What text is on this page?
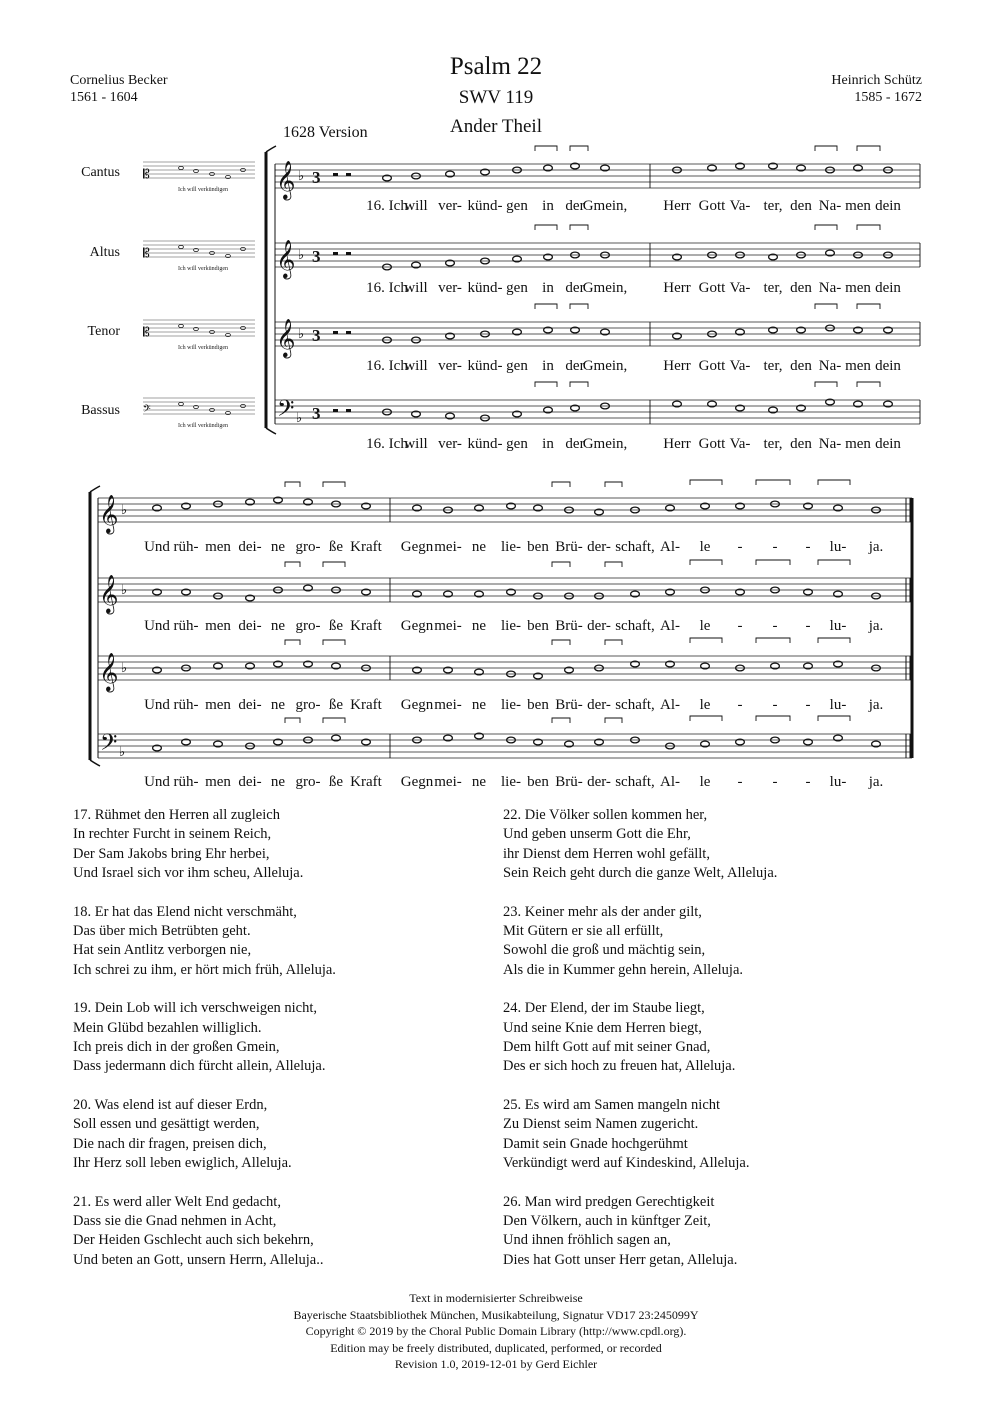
Psalm 22
SWV 119
Ander Theil
1628 Version
Cornelius Becker
1561 - 1604
Heinrich Schütz
1585 - 1672
Cantus 𝄡
Ich will verkündigen
Altus 𝄡
Ich will verkündigen
Tenor 𝄡
Ich will verkündigen
Bassus 𝄢
Ich will verkündigen
𝄞 ♭ 3
𝄞 ♭ 3
𝄞 ♭ 3
𝄢 ♭ 3
16. Ich
will ver- künd- gen in der
Gmein, Herr Gott Va- ter, den Na- men dein
16. Ich
will ver- künd- gen in der
Gmein, Herr Gott Va- ter, den Na- men dein
16. Ich
will ver- künd- gen in der
Gmein, Herr Gott Va- ter, den Na- men dein
16. Ich
will ver- künd- gen in der
Gmein, Herr Gott Va- ter, den Na- men dein
𝄞 ♭
𝄞 ♭
𝄞 ♭
𝄢 ♭
Und rüh- men dei- ne gro- ße Kraft Gegn mei- ne lie- ben Brü- der- schaft, Al- le - - - lu- ja.
Und rüh- men dei- ne gro- ße Kraft Gegn mei- ne lie- ben Brü- der- schaft, Al- le - - - lu- ja.
Und rüh- men dei- ne gro- ße Kraft Gegn mei- ne lie- ben Brü- der- schaft, Al- le - - - lu- ja.
Und rüh- men dei- ne gro- ße Kraft Gegn mei- ne lie- ben Brü- der- schaft, Al- le - - - lu- ja.
17. Rühmet den Herren all zugleich
In rechter Furcht in seinem Reich,
Der Sam Jakobs bring Ehr herbei,
Und Israel sich vor ihm scheu, Alleluja.
18. Er hat das Elend nicht verschmäht,
Das über mich Betrübten geht.
Hat sein Antlitz verborgen nie,
Ich schrei zu ihm, er hört mich früh, Alleluja.
19. Dein Lob will ich verschweigen nicht,
Mein Glübd bezahlen williglich.
Ich preis dich in der großen Gmein,
Dass jedermann dich fürcht allein, Alleluja.
20. Was elend ist auf dieser Erdn,
Soll essen und gesättigt werden,
Die nach dir fragen, preisen dich,
Ihr Herz soll leben ewiglich, Alleluja.
21. Es werd aller Welt End gedacht,
Dass sie die Gnad nehmen in Acht,
Der Heiden Gschlecht auch sich bekehrn,
Und beten an Gott, unsern Herrn, Alleluja..
22. Die Völker sollen kommen her,
Und geben unserm Gott die Ehr,
ihr Dienst dem Herren wohl gefällt,
Sein Reich geht durch die ganze Welt, Alleluja.
23. Keiner mehr als der ander gilt,
Mit Gütern er sie all erfüllt,
Sowohl die groß und mächtig sein,
Als die in Kummer gehn herein, Alleluja.
24. Der Elend, der im Staube liegt,
Und seine Knie dem Herren biegt,
Dem hilft Gott auf mit seiner Gnad,
Des er sich hoch zu freuen hat, Alleluja.
25. Es wird am Samen mangeln nicht
Zu Dienst seim Namen zugericht.
Damit sein Gnade hochgerühmt
Verkündigt werd auf Kindeskind, Alleluja.
26. Man wird predgen Gerechtigkeit
Den Völkern, auch in künftger Zeit,
Und ihnen fröhlich sagen an,
Dies hat Gott unser Herr getan, Alleluja.
Text in modernisierter Schreibweise
Bayerische Staatsbibliothek München, Musikabteilung, Signatur VD17 23:245099Y
Copyright © 2019 by the Choral Public Domain Library (http://www.cpdl.org).
Edition may be freely distributed, duplicated, performed, or recorded
Revision 1.0, 2019-12-01 by Gerd Eichler
